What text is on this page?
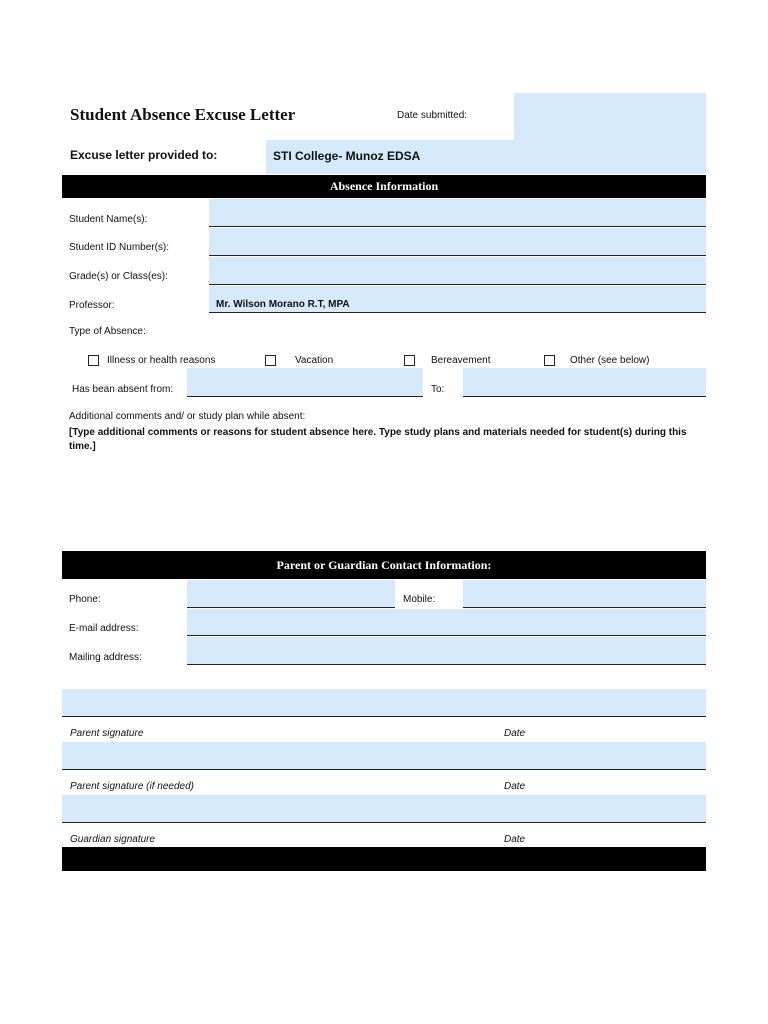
Student Absence Excuse Letter	Date submitted:
Excuse letter provided to:	STI College- Munoz EDSA
Absence Information
Student Name(s):
Student ID Number(s):
Grade(s) or Class(es):
Professor:	Mr. Wilson Morano R.T, MPA
Type of Absence:
Illness or health reasons	Vacation	Bereavement	Other (see below)
Has bean absent from:	To:
Additional comments and/ or study plan while absent:
[Type additional comments or reasons for student absence here. Type study plans and materials needed for student(s) during this time.]
Parent or Guardian Contact Information:
Phone:	Mobile:
E-mail address:
Mailing address:
Parent signature	Date
Parent signature (if needed)	Date
Guardian signature	Date
